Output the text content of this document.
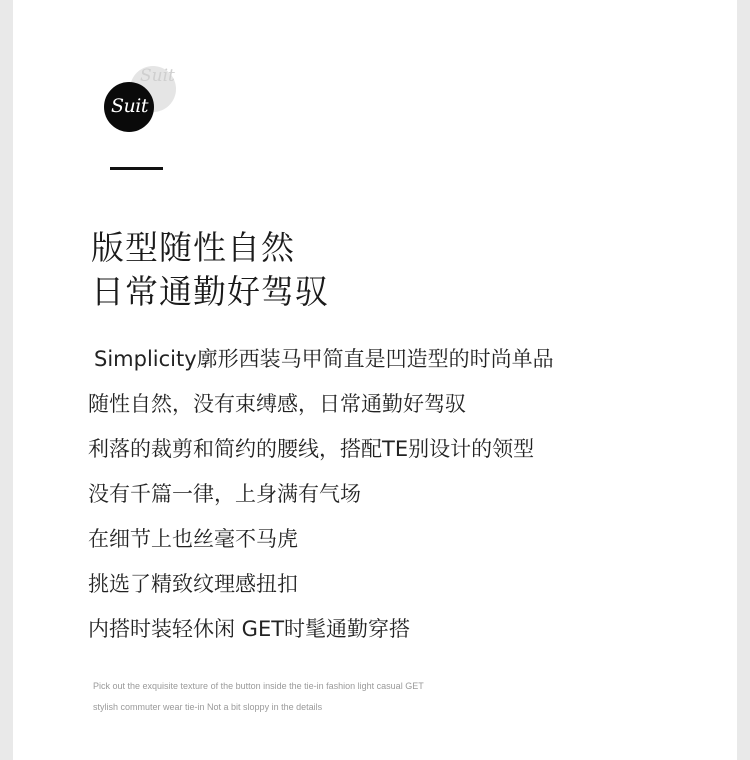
Suit
Suit
版型随性自然
日常通勤好驾驭
Simplicity廓形西装马甲简直是凹造型的时尚单品
随性自然，没有束缚感，日常通勤好驾驭
利落的裁剪和简约的腰线，搭配TE别设计的领型
没有千篇一律，上身满有气场
在细节上也丝毫不马虎
挑选了精致纹理感扭扣
内搭时装轻休闲 GET时髦通勤穿搭
Pick out the exquisite texture of the button inside the tie-in fashion light casual GET
stylish commuter wear tie-in Not a bit sloppy in the details
